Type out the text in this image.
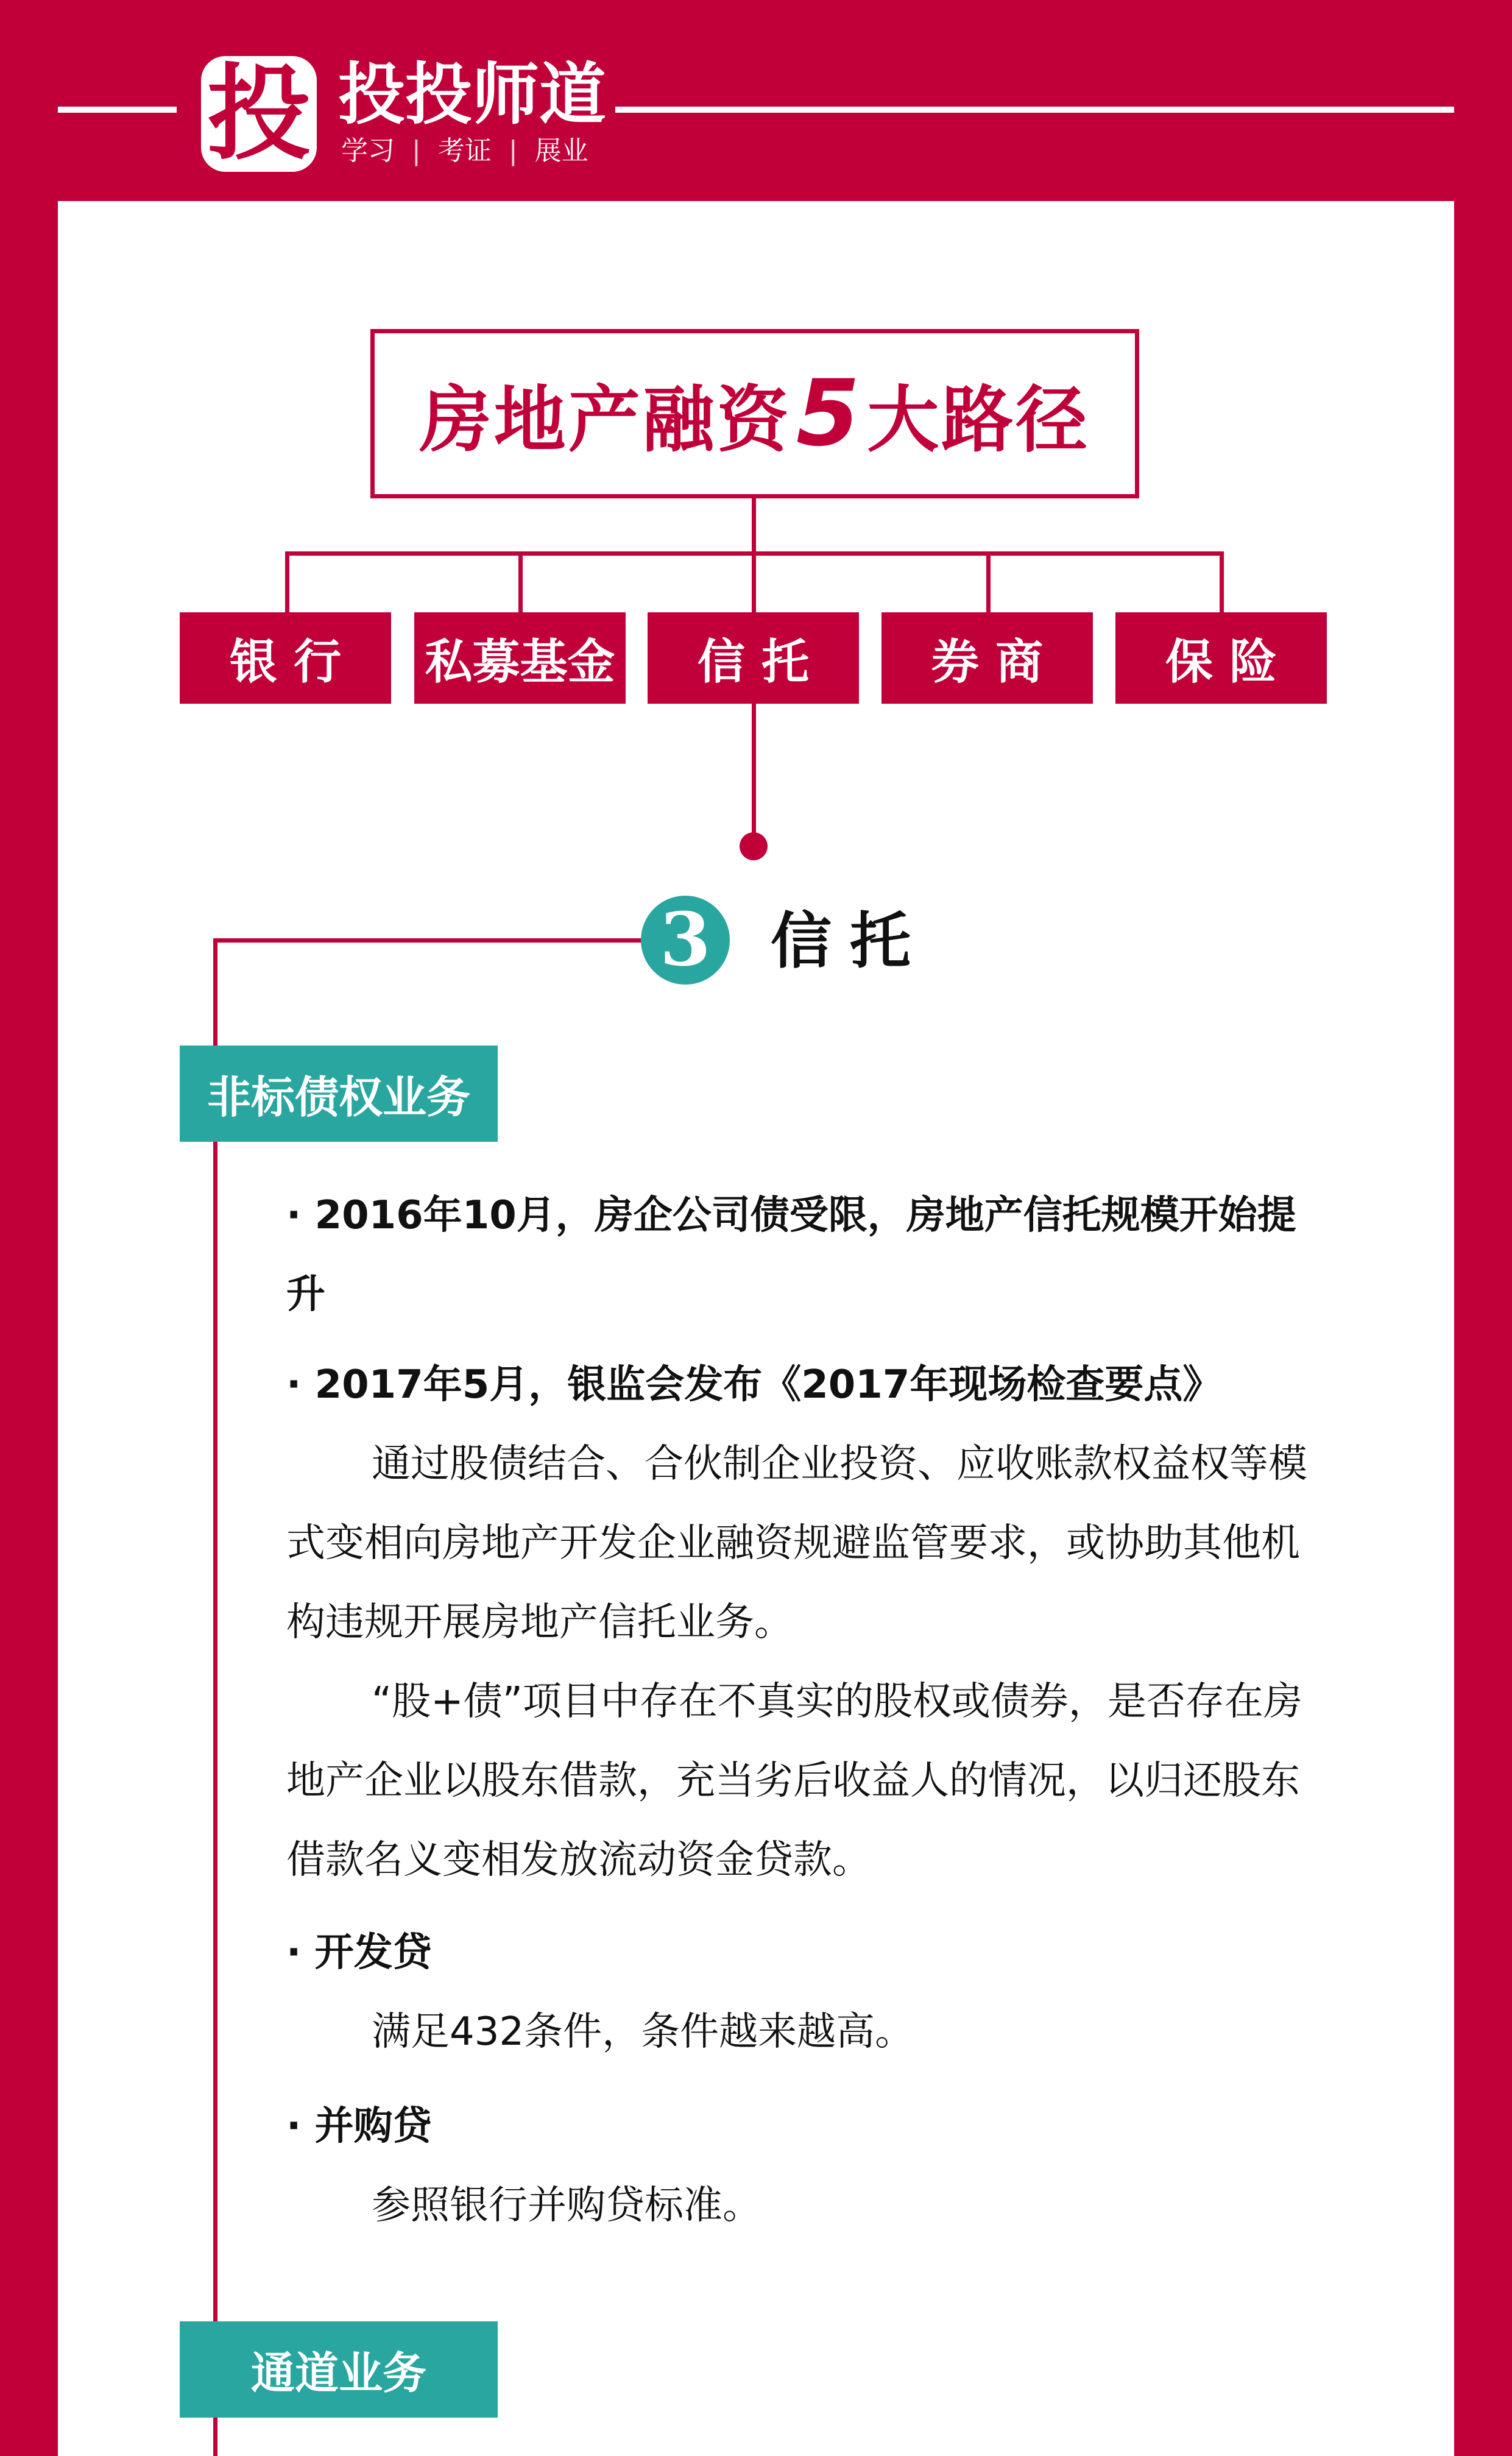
投 投投师道
学习 | 考证 | 展业
房地产融资5大路径
银 行	私募基金	信 托	券 商	保 险
3 信托
非标债权业务

· 2016年10月，房企公司债受限，房地产信托规模开始提升

· 2017年5月，银监会发布《2017年现场检查要点》

通过股债结合、合伙制企业投资、应收账款权益权等模式变相向房地产开发企业融资规避监管要求，或协助其他机构违规开展房地产信托业务。

“股+债”项目中存在不真实的股权或债券，是否存在房地产企业以股东借款，充当劣后收益人的情况，以归还股东借款名义变相发放流动资金贷款。

· 开发贷

满足432条件，条件越来越高。

· 并购贷

参照银行并购贷标准。

通道业务
